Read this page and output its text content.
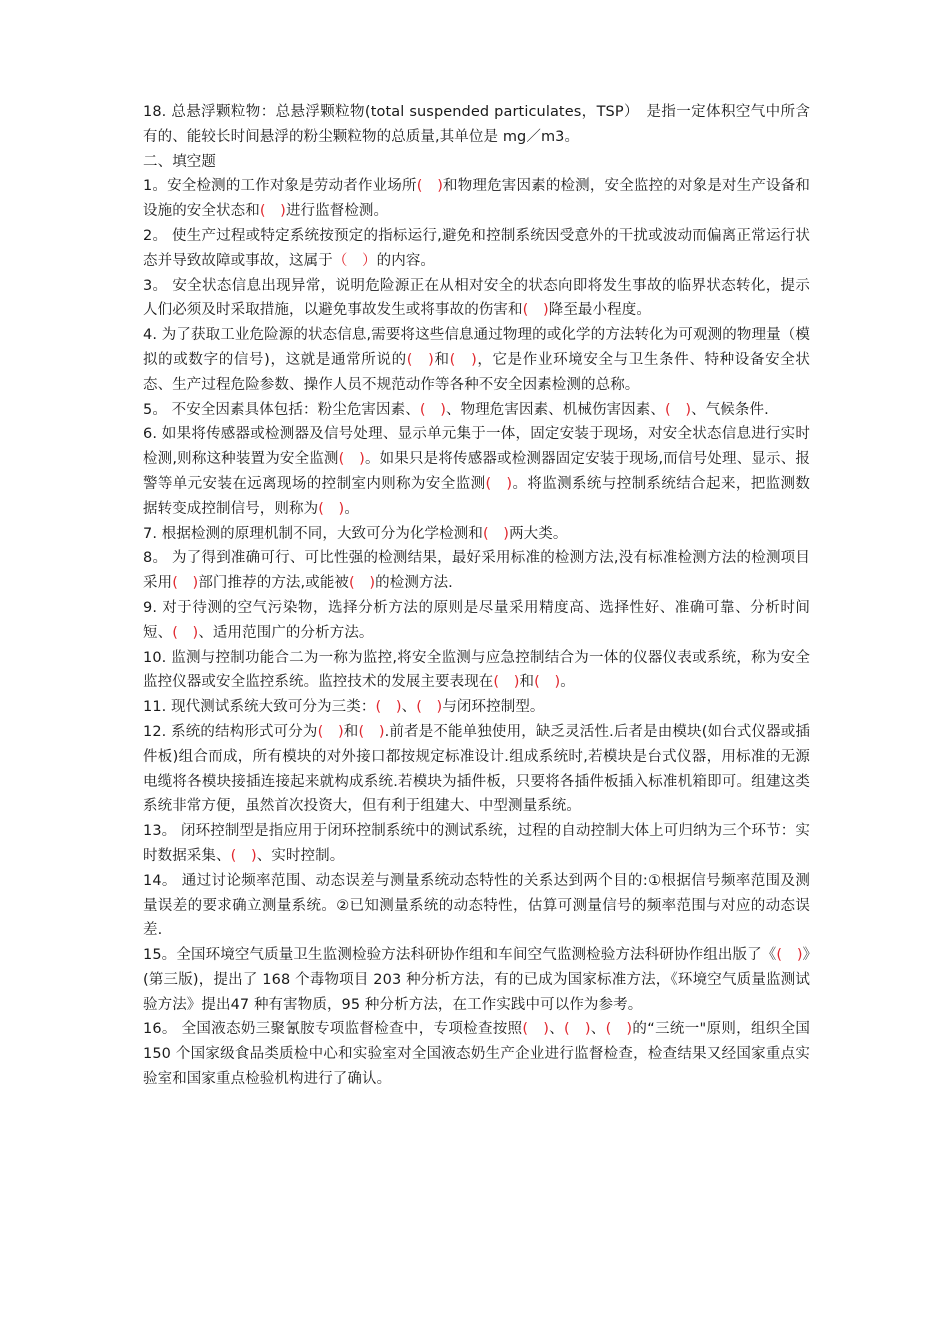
18. 总悬浮颗粒物：总悬浮颗粒物(total suspended particulates，TSP）　是指一定体积空气中所含有的、能较长时间悬浮的粉尘颗粒物的总质量,其单位是 mg／m3。

二、填空题

1。安全检测的工作对象是劳动者作业场所(　)和物理危害因素的检测，安全监控的对象是对生产设备和设施的安全状态和(　)进行监督检测。

2。 使生产过程或特定系统按预定的指标运行,避免和控制系统因受意外的干扰或波动而偏离正常运行状态并导致故障或事故，这属于（　）的内容。

3。 安全状态信息出现异常，说明危险源正在从相对安全的状态向即将发生事故的临界状态转化，提示人们必须及时采取措施，以避免事故发生或将事故的伤害和(　)降至最小程度。

4. 为了获取工业危险源的状态信息,需要将这些信息通过物理的或化学的方法转化为可观测的物理量（模拟的或数字的信号)，这就是通常所说的(　)和(　)，它是作业环境安全与卫生条件、特种设备安全状态、生产过程危险参数、操作人员不规范动作等各种不安全因素检测的总称。

5。 不安全因素具体包括：粉尘危害因素、(　)、物理危害因素、机械伤害因素、(　)、气候条件.

6. 如果将传感器或检测器及信号处理、显示单元集于一体，固定安装于现场，对安全状态信息进行实时检测,则称这种装置为安全监测(　)。如果只是将传感器或检测器固定安装于现场,而信号处理、显示、报警等单元安装在远离现场的控制室内则称为安全监测(　)。将监测系统与控制系统结合起来，把监测数据转变成控制信号，则称为(　)。

7. 根据检测的原理机制不同，大致可分为化学检测和(　)两大类。

8。 为了得到准确可行、可比性强的检测结果，最好采用标准的检测方法,没有标准检测方法的检测项目采用(　)部门推荐的方法,或能被(　)的检测方法.

9. 对于待测的空气污染物，选择分析方法的原则是尽量采用精度高、选择性好、准确可靠、分析时间短、(　)、适用范围广的分析方法。

10. 监测与控制功能合二为一称为监控,将安全监测与应急控制结合为一体的仪器仪表或系统，称为安全监控仪器或安全监控系统。监控技术的发展主要表现在(　)和(　)。

11. 现代测试系统大致可分为三类：(　)、(　)与闭环控制型。

12. 系统的结构形式可分为(　)和(　).前者是不能单独使用，缺乏灵活性.后者是由模块(如台式仪器或插件板)组合而成，所有模块的对外接口都按规定标准设计.组成系统时,若模块是台式仪器，用标准的无源电缆将各模块接插连接起来就构成系统.若模块为插件板，只要将各插件板插入标准机箱即可。组建这类系统非常方便，虽然首次投资大，但有利于组建大、中型测量系统。

13。 闭环控制型是指应用于闭环控制系统中的测试系统，过程的自动控制大体上可归纳为三个环节：实时数据采集、(　)、实时控制。

14。 通过讨论频率范围、动态误差与测量系统动态特性的关系达到两个目的:①根据信号频率范围及测量误差的要求确立测量系统。②已知测量系统的动态特性，估算可测量信号的频率范围与对应的动态误差.

15。全国环境空气质量卫生监测检验方法科研协作组和车间空气监测检验方法科研协作组出版了《(　)》(第三版)，提出了 168 个毒物项目 203 种分析方法，有的已成为国家标准方法，《环境空气质量监测试验方法》提出47 种有害物质，95 种分析方法，在工作实践中可以作为参考。

16。 全国液态奶三聚氰胺专项监督检查中，专项检查按照(　)、(　)、(　)的“三统一"原则，组织全国 150 个国家级食品类质检中心和实验室对全国液态奶生产企业进行监督检查，检查结果又经国家重点实验室和国家重点检验机构进行了确认。
